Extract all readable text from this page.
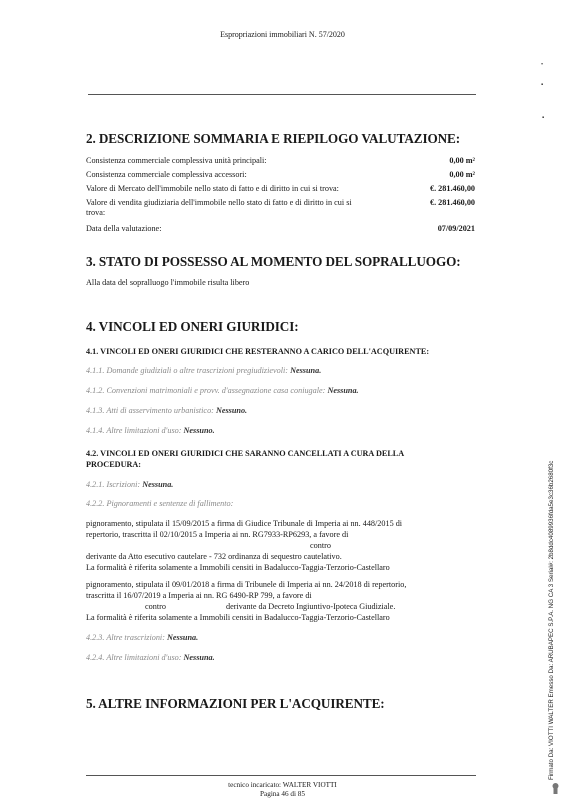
Espropriazioni immobiliari N. 57/2020
•
▪
▪
2. DESCRIZIONE SOMMARIA E RIEPILOGO VALUTAZIONE:
Consistenza commerciale complessiva unità principali:	0,00 m²
Consistenza commerciale complessiva accessori:	0,00 m²
Valore di Mercato dell'immobile nello stato di fatto e di diritto in cui si trova:	€. 281.460,00
Valore di vendita giudiziaria dell'immobile nello stato di fatto e di diritto in cui si
trova:
€. 281.460,00
Data della valutazione:	07/09/2021
3. STATO DI POSSESSO AL MOMENTO DEL SOPRALLUOGO:
Alla data del sopralluogo l'immobile risulta libero
4. VINCOLI ED ONERI GIURIDICI:
4.1. VINCOLI ED ONERI GIURIDICI CHE RESTERANNO A CARICO DELL'ACQUIRENTE:
4.1.1. Domande giudiziali o altre trascrizioni pregiudizievoli: Nessuna.
4.1.2. Convenzioni matrimoniali e provv. d'assegnazione casa coniugale: Nessuna.
4.1.3. Atti di asservimento urbanistico: Nessuno.
4.1.4. Altre limitazioni d'uso: Nessuno.
4.2. VINCOLI ED ONERI GIURIDICI CHE SARANNO CANCELLATI A CURA DELLA
PROCEDURA:
4.2.1. Iscrizioni: Nessuna.
4.2.2. Pignoramenti e sentenze di fallimento:
pignoramento, stipulata il 15/09/2015 a firma di Giudice Tribunale di Imperia ai nn. 448/2015 di
repertorio, trascritta il 02/10/2015 a Imperia ai nn. RG7933-RP6293, a favore di
contro
derivante da Atto esecutivo cautelare - 732 ordinanza di sequestro cautelativo.
La formalità è riferita solamente a Immobili censiti in Badalucco-Taggia-Terzorio-Castellaro
pignoramento, stipulata il 09/01/2018 a firma di Tribunele di Imperia ai nn. 24/2018 di repertorio,
trascritta il 16/07/2019 a Imperia ai nn. RG 6490-RP 799, a favore di
contro	derivante da Decreto Ingiuntivo-Ipoteca Giudiziale.
La formalità è riferita solamente a Immobili censiti in Badalucco-Taggia-Terzorio-Castellaro
4.2.3. Altre trascrizioni: Nessuna.
4.2.4. Altre limitazioni d'uso: Nessuna.
5. ALTRE INFORMAZIONI PER L'ACQUIRENTE:
tecnico incaricato: WALTER VIOTTI
Pagina 46 di 85
Firmato Da: VIOTTI WALTER Emesso Da: ARUBAPEC S.P.A. NG CA 3 Serial#: 2b8ddc4089936fda5e3c36b2680f3c
